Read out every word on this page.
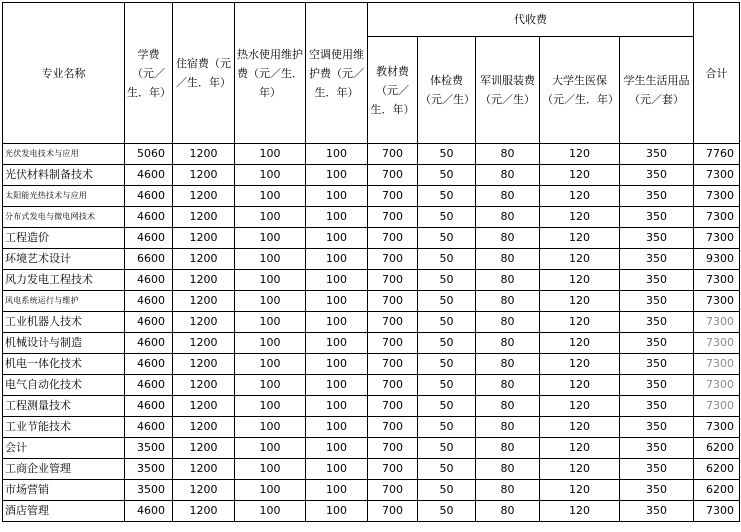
专业名称	学费（元／生．年）	住宿费（元／生．年）	热水使用维护费（元／生．年）	空调使用维护费（元／生．年）	代收费					合计
					教材费（元／生．年）	体检费（元／生）	军训服装费（元／生）	大学生医保（元／生．年）	学生生活用品（元／套）	
光伏发电技术与应用	5060	1200	100	100	700	50	80	120	350	7760
光伏材料制备技术	4600	1200	100	100	700	50	80	120	350	7300
太阳能光热技术与应用	4600	1200	100	100	700	50	80	120	350	7300
分布式发电与微电网技术	4600	1200	100	100	700	50	80	120	350	7300
工程造价	4600	1200	100	100	700	50	80	120	350	7300
环境艺术设计	6600	1200	100	100	700	50	80	120	350	9300
风力发电工程技术	4600	1200	100	100	700	50	80	120	350	7300
风电系统运行与维护	4600	1200	100	100	700	50	80	120	350	7300
工业机器人技术	4600	1200	100	100	700	50	80	120	350	7300
机械设计与制造	4600	1200	100	100	700	50	80	120	350	7300
机电一体化技术	4600	1200	100	100	700	50	80	120	350	7300
电气自动化技术	4600	1200	100	100	700	50	80	120	350	7300
工程测量技术	4600	1200	100	100	700	50	80	120	350	7300
工业节能技术	4600	1200	100	100	700	50	80	120	350	7300
会计	3500	1200	100	100	700	50	80	120	350	6200
工商企业管理	3500	1200	100	100	700	50	80	120	350	6200
市场营销	3500	1200	100	100	700	50	80	120	350	6200
酒店管理	4600	1200	100	100	700	50	80	120	350	7300
